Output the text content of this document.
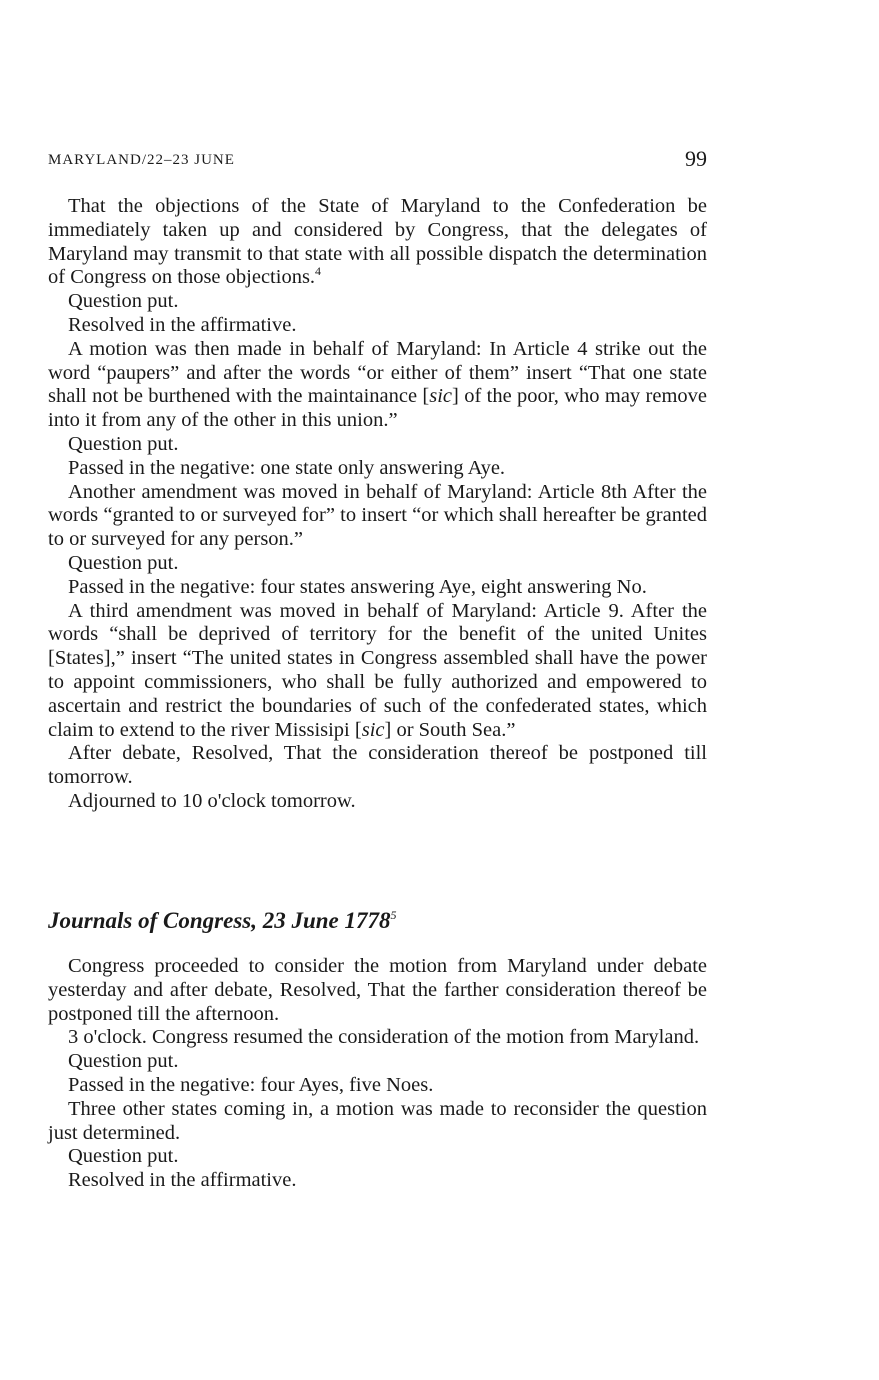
MARYLAND/22–23 JUNE	99

That the objections of the State of Maryland to the Confederation be immediately taken up and considered by Congress, that the delegates of Maryland may transmit to that state with all possible dispatch the determination of Congress on those objections.$^4$

Question put.

Resolved in the affirmative.

A motion was then made in behalf of Maryland: In Article 4 strike out the word “paupers” and after the words “or either of them” insert “That one state shall not be burthened with the maintainance [sic] of the poor, who may remove into it from any of the other in this union.”

Question put.

Passed in the negative: one state only answering Aye.

Another amendment was moved in behalf of Maryland: Article 8th After the words “granted to or surveyed for” to insert “or which shall hereafter be granted to or surveyed for any person.”

Question put.

Passed in the negative: four states answering Aye, eight answering No.

A third amendment was moved in behalf of Maryland: Article 9. After the words “shall be deprived of territory for the benefit of the united Unites [States],” insert “The united states in Congress assembled shall have the power to appoint commissioners, who shall be fully authorized and empowered to ascertain and restrict the boundaries of such of the confederated states, which claim to extend to the river Missisipi [sic] or South Sea.”

After debate, Resolved, That the consideration thereof be postponed till tomorrow.

Adjourned to 10 o'clock tomorrow.

Journals of Congress, 23 June 1778$^5$

Congress proceeded to consider the motion from Maryland under debate yesterday and after debate, Resolved, That the farther consideration thereof be postponed till the afternoon.

3 o'clock. Congress resumed the consideration of the motion from Maryland.

Question put.

Passed in the negative: four Ayes, five Noes.

Three other states coming in, a motion was made to reconsider the question just determined.

Question put.

Resolved in the affirmative.
